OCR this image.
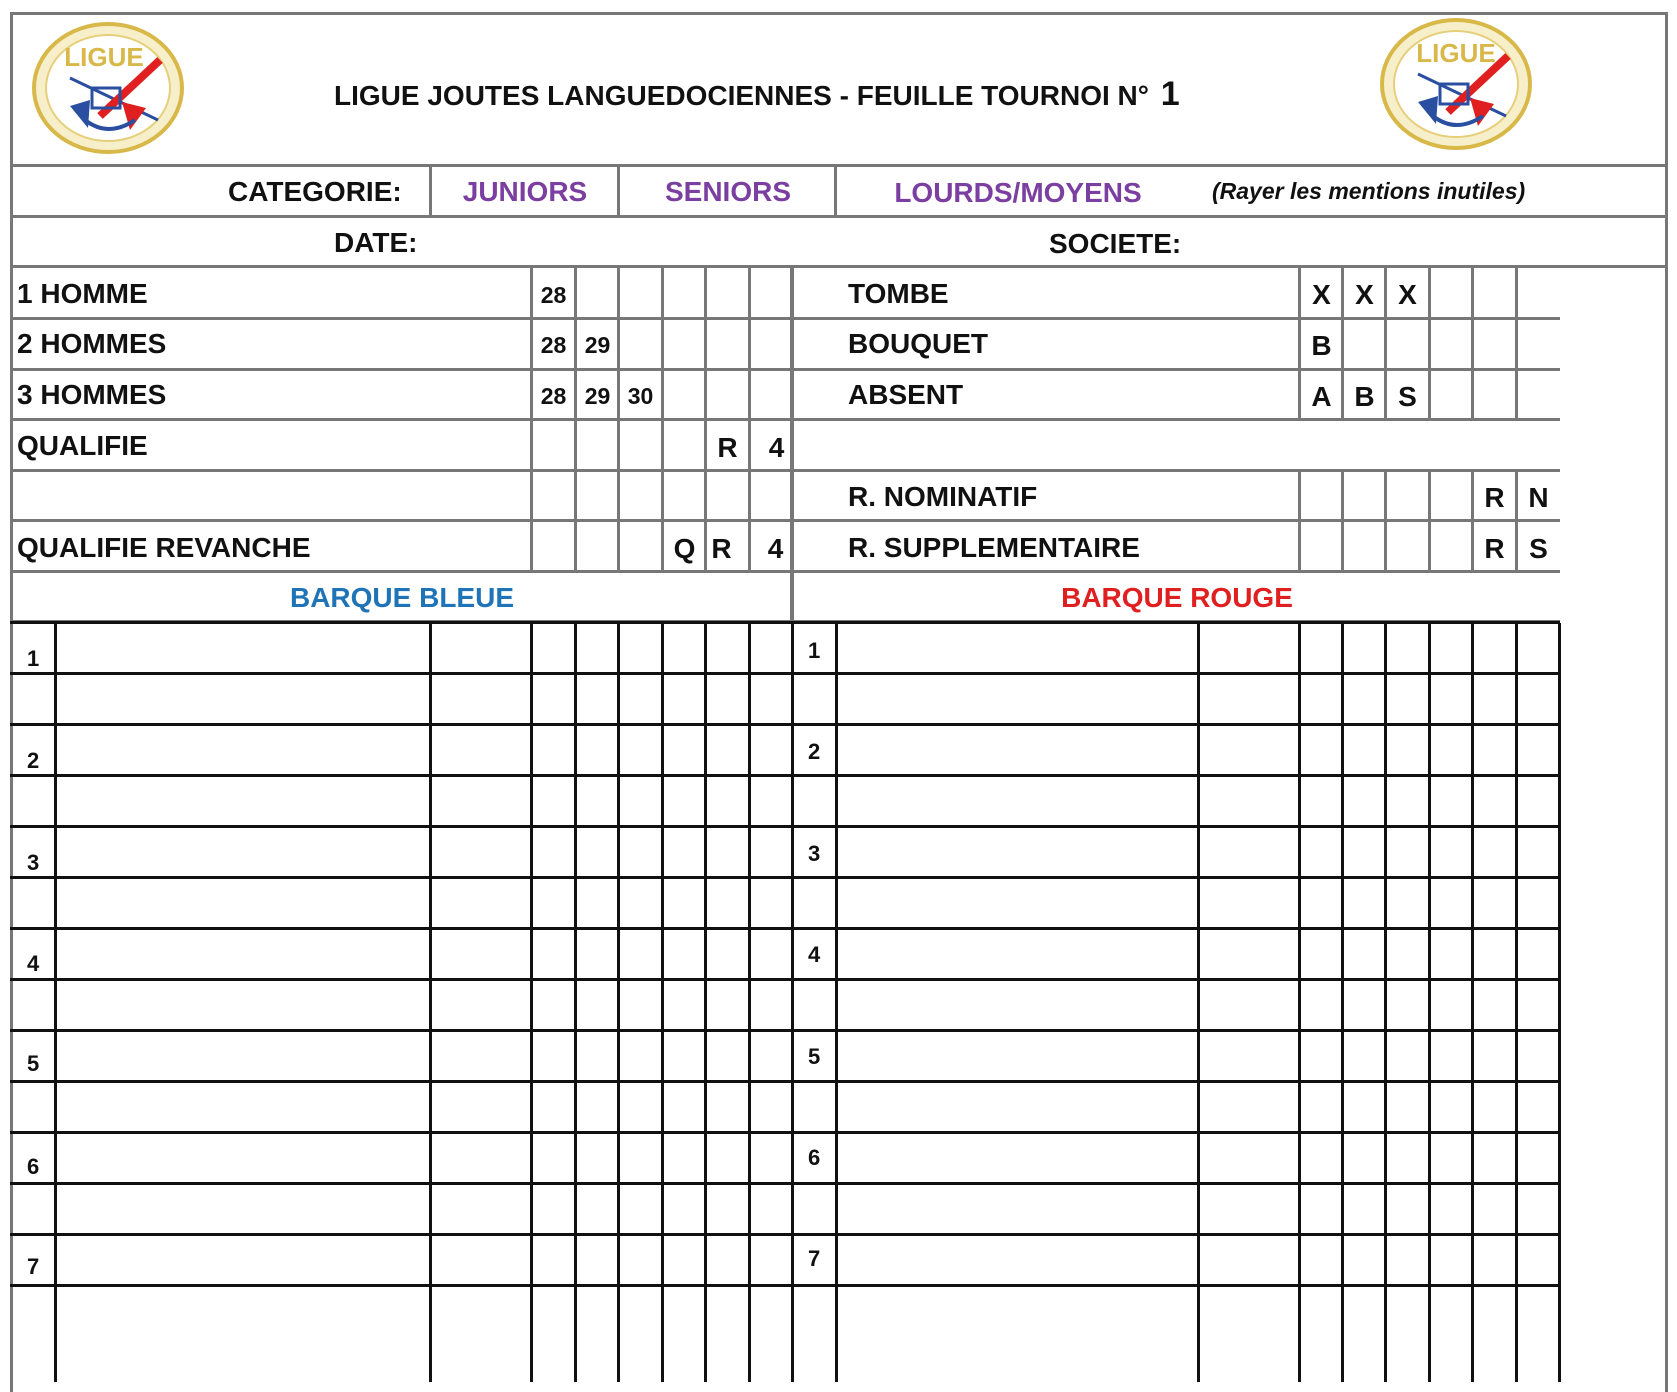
LIGUE	LIGUE
LIGUE JOUTES LANGUEDOCIENNES - FEUILLE TOURNOI N° 1
CATEGORIE:	JUNIORS	SENIORS	LOURDS/MOYENS	(Rayer les mentions inutiles)
DATE:	SOCIETE:
1 HOMME	28
2 HOMMES	28 29
3 HOMMES	28 29 30
QUALIFIE	R	4
QUALIFIE REVANCHE	Q R	4
TOMBE	X X X
BOUQUET	B
ABSENT	A B S
R. NOMINATIF	R N
R. SUPPLEMENTAIRE	R S
BARQUE BLEUE	BARQUE ROUGE
1
2
3
4
5
6
7
1
2
3
4
5
6
7
